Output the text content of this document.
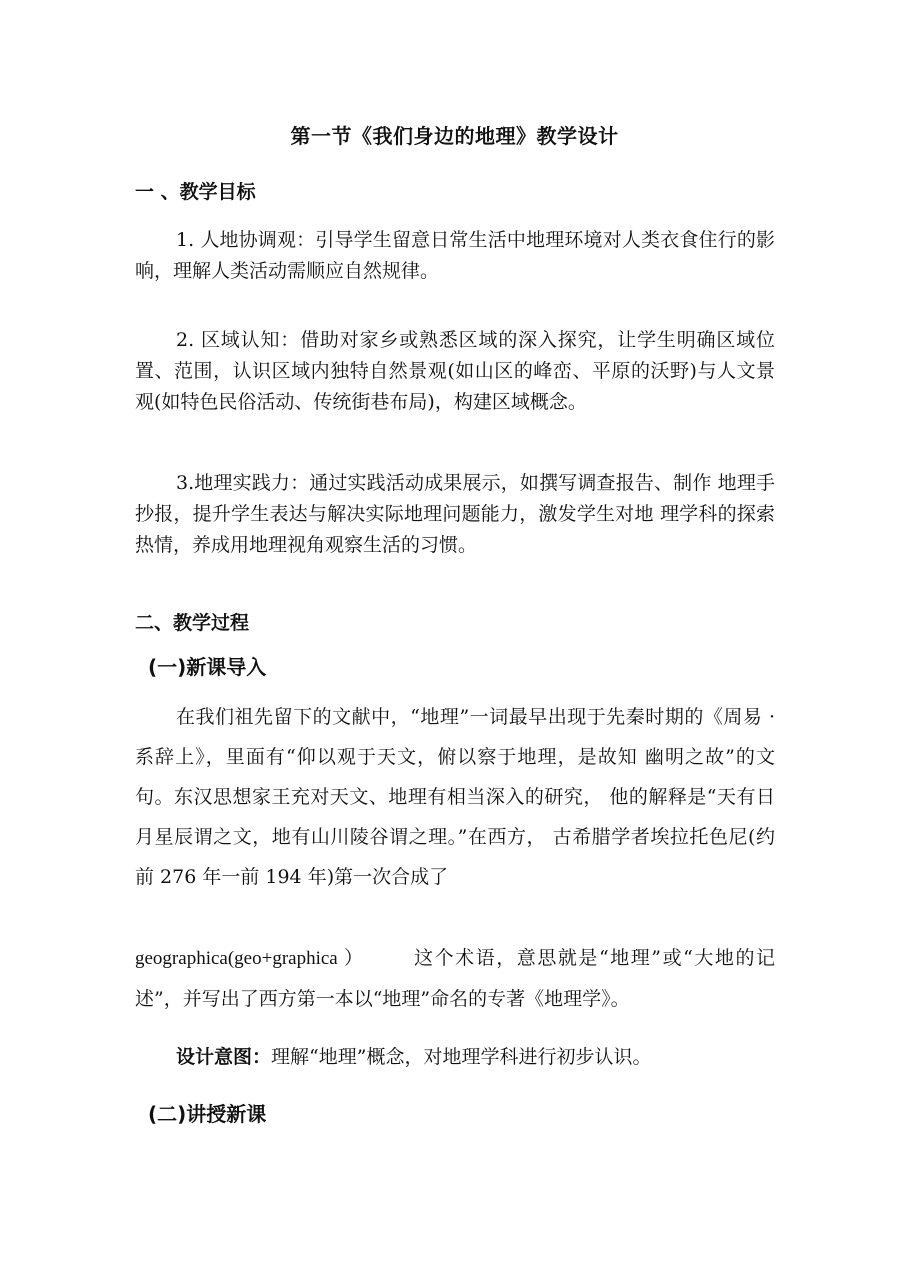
第一节《我们身边的地理》教学设计
一 、教学目标

1. 人地协调观：引导学生留意日常生活中地理环境对人类衣食住行的影响，理解人类活动需顺应自然规律。

2. 区域认知：借助对家乡或熟悉区域的深入探究，让学生明确区域位置、范围，认识区域内独特自然景观(如山区的峰峦、平原的沃野)与人文景观(如特色民俗活动、传统街巷布局)，构建区域概念。

3.地理实践力：通过实践活动成果展示，如撰写调查报告、制作 地理手抄报，提升学生表达与解决实际地理问题能力，激发学生对地 理学科的探索热情，养成用地理视角观察生活的习惯。

二、教学过程
(一)新课导入

在我们祖先留下的文献中，“地理”一词最早出现于先秦时期的《周易 · 系辞上》，里面有“仰以观于天文，俯以察于地理，是故知 幽明之故”的文句。东汉思想家王充对天文、地理有相当深入的研究， 他的解释是“天有日月星辰谓之文，地有山川陵谷谓之理。”在西方， 古希腊学者埃拉托色尼(约前 276 年一前 194 年)第一次合成了

geographica(geo+graphica ）	这个术语，意思就是“地理”或“大地的记述”，并写出了西方第一本以“地理”命名的专著《地理学》。

设计意图：理解“地理”概念，对地理学科进行初步认识。

(二)讲授新课
